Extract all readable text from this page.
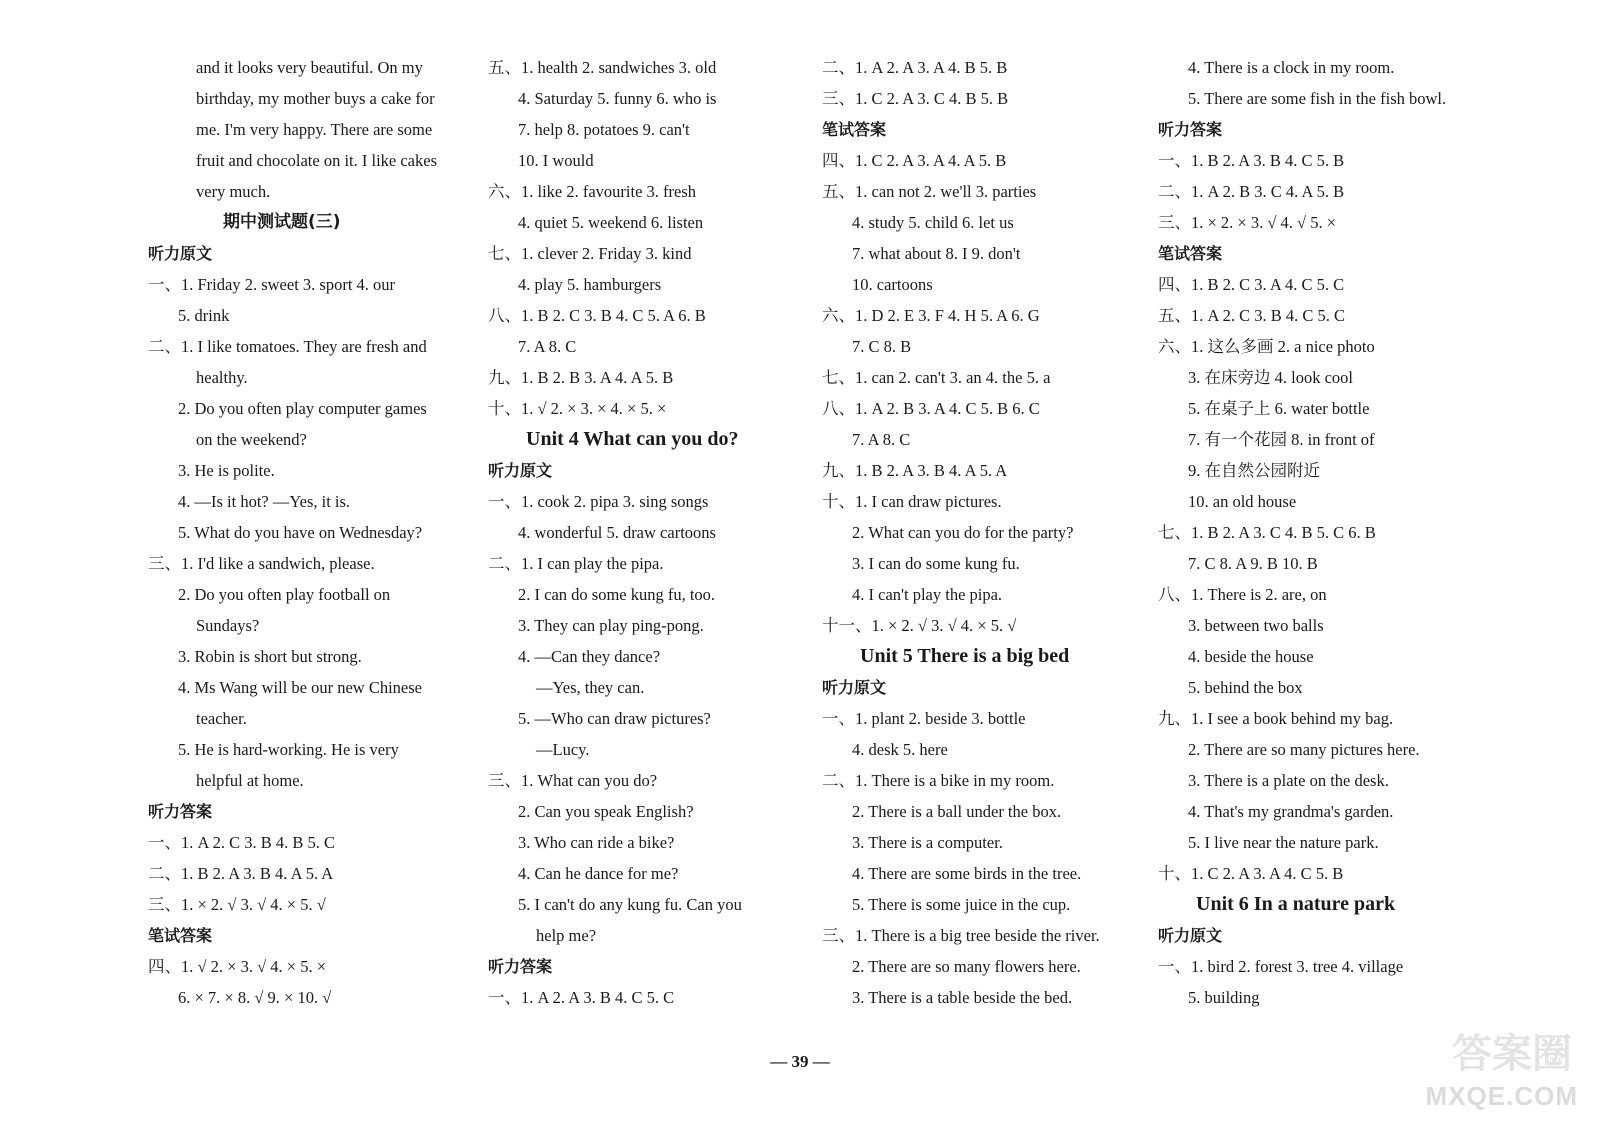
and it looks very beautiful. On my
birthday, my mother buys a cake for
me. I'm very happy. There are some
fruit and chocolate on it. I like cakes
very much.
期中测试题(三)
听力原文
一、1. Friday 2. sweet 3. sport 4. our
5. drink
二、1. I like tomatoes. They are fresh and
healthy.
2. Do you often play computer games
on the weekend?
3. He is polite.
4. —Is it hot? —Yes, it is.
5. What do you have on Wednesday?
三、1. I'd like a sandwich, please.
2. Do you often play football on
Sundays?
3. Robin is short but strong.
4. Ms Wang will be our new Chinese
teacher.
5. He is hard-working. He is very
helpful at home.
听力答案
一、1. A 2. C 3. B 4. B 5. C
二、1. B 2. A 3. B 4. A 5. A
三、1. × 2. √ 3. √ 4. × 5. √
笔试答案
四、1. √ 2. × 3. √ 4. × 5. ×
6. × 7. × 8. √ 9. × 10. √
五、1. health 2. sandwiches 3. old
4. Saturday 5. funny 6. who is
7. help 8. potatoes 9. can't
10. I would
六、1. like 2. favourite 3. fresh
4. quiet 5. weekend 6. listen
七、1. clever 2. Friday 3. kind
4. play 5. hamburgers
八、1. B 2. C 3. B 4. C 5. A 6. B
7. A 8. C
九、1. B 2. B 3. A 4. A 5. B
十、1. √ 2. × 3. × 4. × 5. ×
Unit 4 What can you do?
听力原文
一、1. cook 2. pipa 3. sing songs
4. wonderful 5. draw cartoons
二、1. I can play the pipa.
2. I can do some kung fu, too.
3. They can play ping-pong.
4. —Can they dance?
—Yes, they can.
5. —Who can draw pictures?
—Lucy.
三、1. What can you do?
2. Can you speak English?
3. Who can ride a bike?
4. Can he dance for me?
5. I can't do any kung fu. Can you
help me?
听力答案
一、1. A 2. A 3. B 4. C 5. C
二、1. A 2. A 3. A 4. B 5. B
三、1. C 2. A 3. C 4. B 5. B
笔试答案
四、1. C 2. A 3. A 4. A 5. B
五、1. can not 2. we'll 3. parties
4. study 5. child 6. let us
7. what about 8. I 9. don't
10. cartoons
六、1. D 2. E 3. F 4. H 5. A 6. G
7. C 8. B
七、1. can 2. can't 3. an 4. the 5. a
八、1. A 2. B 3. A 4. C 5. B 6. C
7. A 8. C
九、1. B 2. A 3. B 4. A 5. A
十、1. I can draw pictures.
2. What can you do for the party?
3. I can do some kung fu.
4. I can't play the pipa.
十一、1. × 2. √ 3. √ 4. × 5. √
Unit 5 There is a big bed
听力原文
一、1. plant 2. beside 3. bottle
4. desk 5. here
二、1. There is a bike in my room.
2. There is a ball under the box.
3. There is a computer.
4. There are some birds in the tree.
5. There is some juice in the cup.
三、1. There is a big tree beside the river.
2. There are so many flowers here.
3. There is a table beside the bed.
4. There is a clock in my room.
5. There are some fish in the fish bowl.
听力答案
一、1. B 2. A 3. B 4. C 5. B
二、1. A 2. B 3. C 4. A 5. B
三、1. × 2. × 3. √ 4. √ 5. ×
笔试答案
四、1. B 2. C 3. A 4. C 5. C
五、1. A 2. C 3. B 4. C 5. C
六、1. 这么多画 2. a nice photo
3. 在床旁边 4. look cool
5. 在桌子上 6. water bottle
7. 有一个花园 8. in front of
9. 在自然公园附近
10. an old house
七、1. B 2. A 3. C 4. B 5. C 6. B
7. C 8. A 9. B 10. B
八、1. There is 2. are, on
3. between two balls
4. beside the house
5. behind the box
九、1. I see a book behind my bag.
2. There are so many pictures here.
3. There is a plate on the desk.
4. That's my grandma's garden.
5. I live near the nature park.
十、1. C 2. A 3. A 4. C 5. B
Unit 6 In a nature park
听力原文
一、1. bird 2. forest 3. tree 4. village
5. building
— 39 —	答案圈
MXQE.COM
